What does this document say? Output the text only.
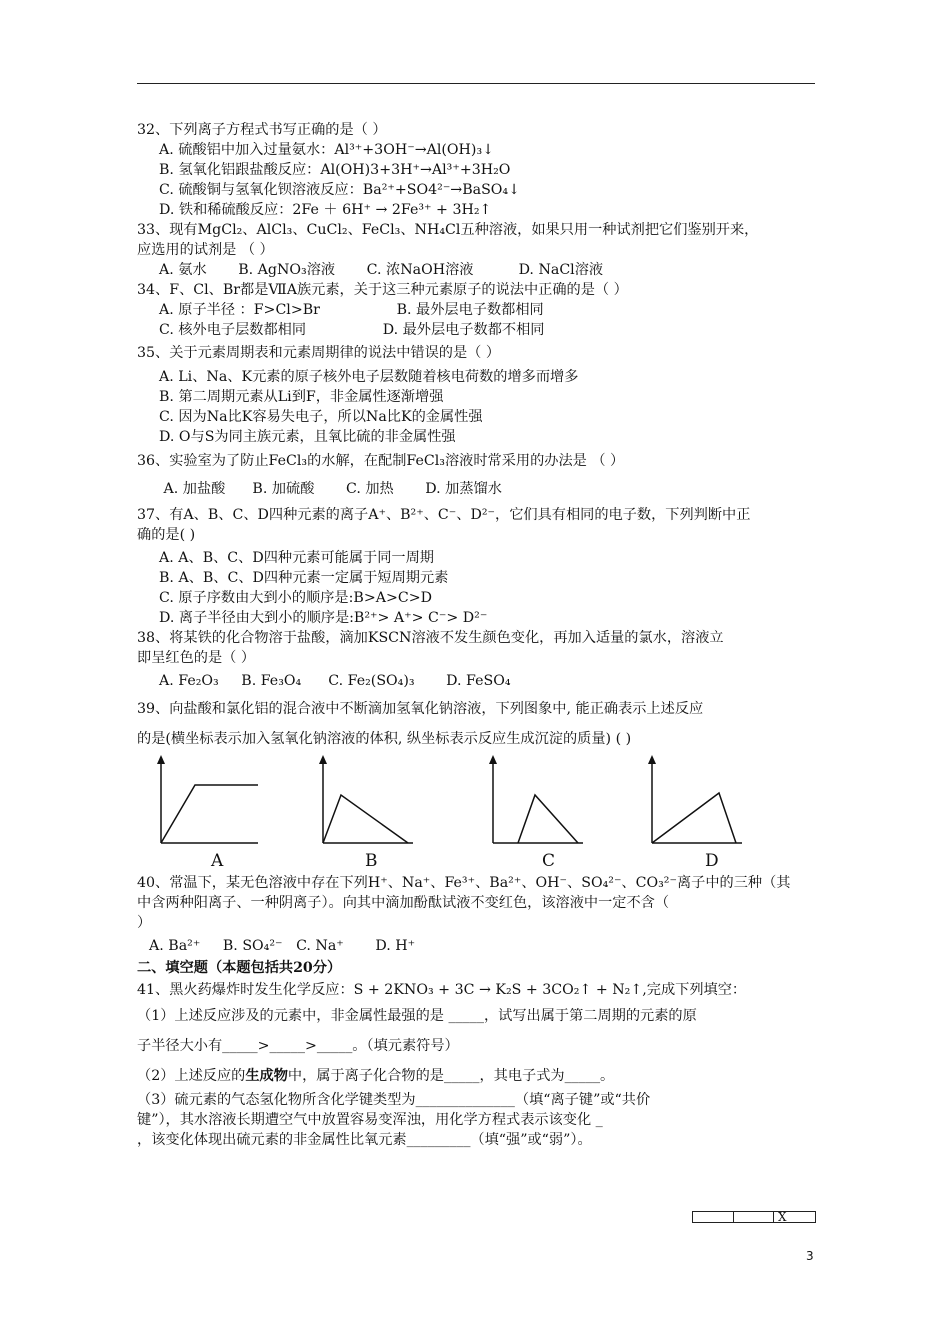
32、下列离子方程式书写正确的是（ ）

A. 硫酸铝中加入过量氨水：Al³⁺+3OH⁻→Al(OH)₃↓

B. 氢氧化铝跟盐酸反应：Al(OH)3+3H⁺→Al³⁺+3H₂O

C. 硫酸铜与氢氧化钡溶液反应：Ba²⁺+SO4²⁻→BaSO₄↓

D. 铁和稀硫酸反应：2Fe ＋ 6H⁺ → 2Fe³⁺ + 3H₂↑

33、现有MgCl₂、AlCl₃、CuCl₂、FeCl₃、NH₄Cl五种溶液，如果只用一种试剂把它们鉴别开来，

应选用的试剂是 （ ）

A. 氨水       B. AgNO₃溶液       C. 浓NaOH溶液          D. NaCl溶液

34、F、Cl、Br都是ⅦA族元素，关于这三种元素原子的说法中正确的是（ ）

A. 原子半径 ：F>Cl>Br                 B. 最外层电子数都相同

C. 核外电子层数都相同                 D. 最外层电子数都不相同

35、关于元素周期表和元素周期律的说法中错误的是（ ）

A. Li、Na、K元素的原子核外电子层数随着核电荷数的增多而增多

B. 第二周期元素从Li到F，非金属性逐渐增强

C. 因为Na比K容易失电子，所以Na比K的金属性强

D. O与S为同主族元素，且氧比硫的非金属性强

36、实验室为了防止FeCl₃的水解，在配制FeCl₃溶液时常采用的办法是 （ ）

A. 加盐酸      B. 加硫酸       C. 加热       D. 加蒸馏水

37、有A、B、C、D四种元素的离子A⁺、B²⁺、C⁻、D²⁻，它们具有相同的电子数，下列判断中正

确的是( )

A. A、B、C、D四种元素可能属于同一周期

B. A、B、C、D四种元素一定属于短周期元素

C. 原子序数由大到小的顺序是:B>A>C>D

D. 离子半径由大到小的顺序是:B²⁺> A⁺> C⁻> D²⁻

38、将某铁的化合物溶于盐酸，滴加KSCN溶液不发生颜色变化，再加入适量的氯水，溶液立

即呈红色的是（ ）

A. Fe₂O₃     B. Fe₃O₄      C. Fe₂(SO₄)₃       D. FeSO₄

39、向盐酸和氯化铝的混合液中不断滴加氢氧化钠溶液，下列图象中, 能正确表示上述反应

的是(横坐标表示加入氢氧化钠溶液的体积, 纵坐标表示反应生成沉淀的质量) ( )

A	B	C	D

40、常温下，某无色溶液中存在下列H⁺、Na⁺、Fe³⁺、Ba²⁺、OH⁻、SO₄²⁻、CO₃²⁻离子中的三种（其

中含两种阳离子、一种阴离子）。向其中滴加酚酞试液不变红色，该溶液中一定不含（

）

A. Ba²⁺     B. SO₄²⁻   C. Na⁺       D. H⁺

二、填空题（本题包括共20分）

41、黑火药爆炸时发生化学反应：S + 2KNO₃ + 3C → K₂S + 3CO₂↑ + N₂↑,完成下列填空：

（1）上述反应涉及的元素中，非金属性最强的是 _____，试写出属于第二周期的元素的原

子半径大小有_____>_____>_____。（填元素符号）

（2）上述反应的生成物中，属于离子化合物的是_____，其电子式为_____。

（3）硫元素的气态氢化物所含化学键类型为______________（填“离子键”或“共价

键”），其水溶液长期遭空气中放置容易变浑浊，用化学方程式表示该变化 _

，该变化体现出硫元素的非金属性比氧元素_________（填“强”或“弱”）。

X
3
